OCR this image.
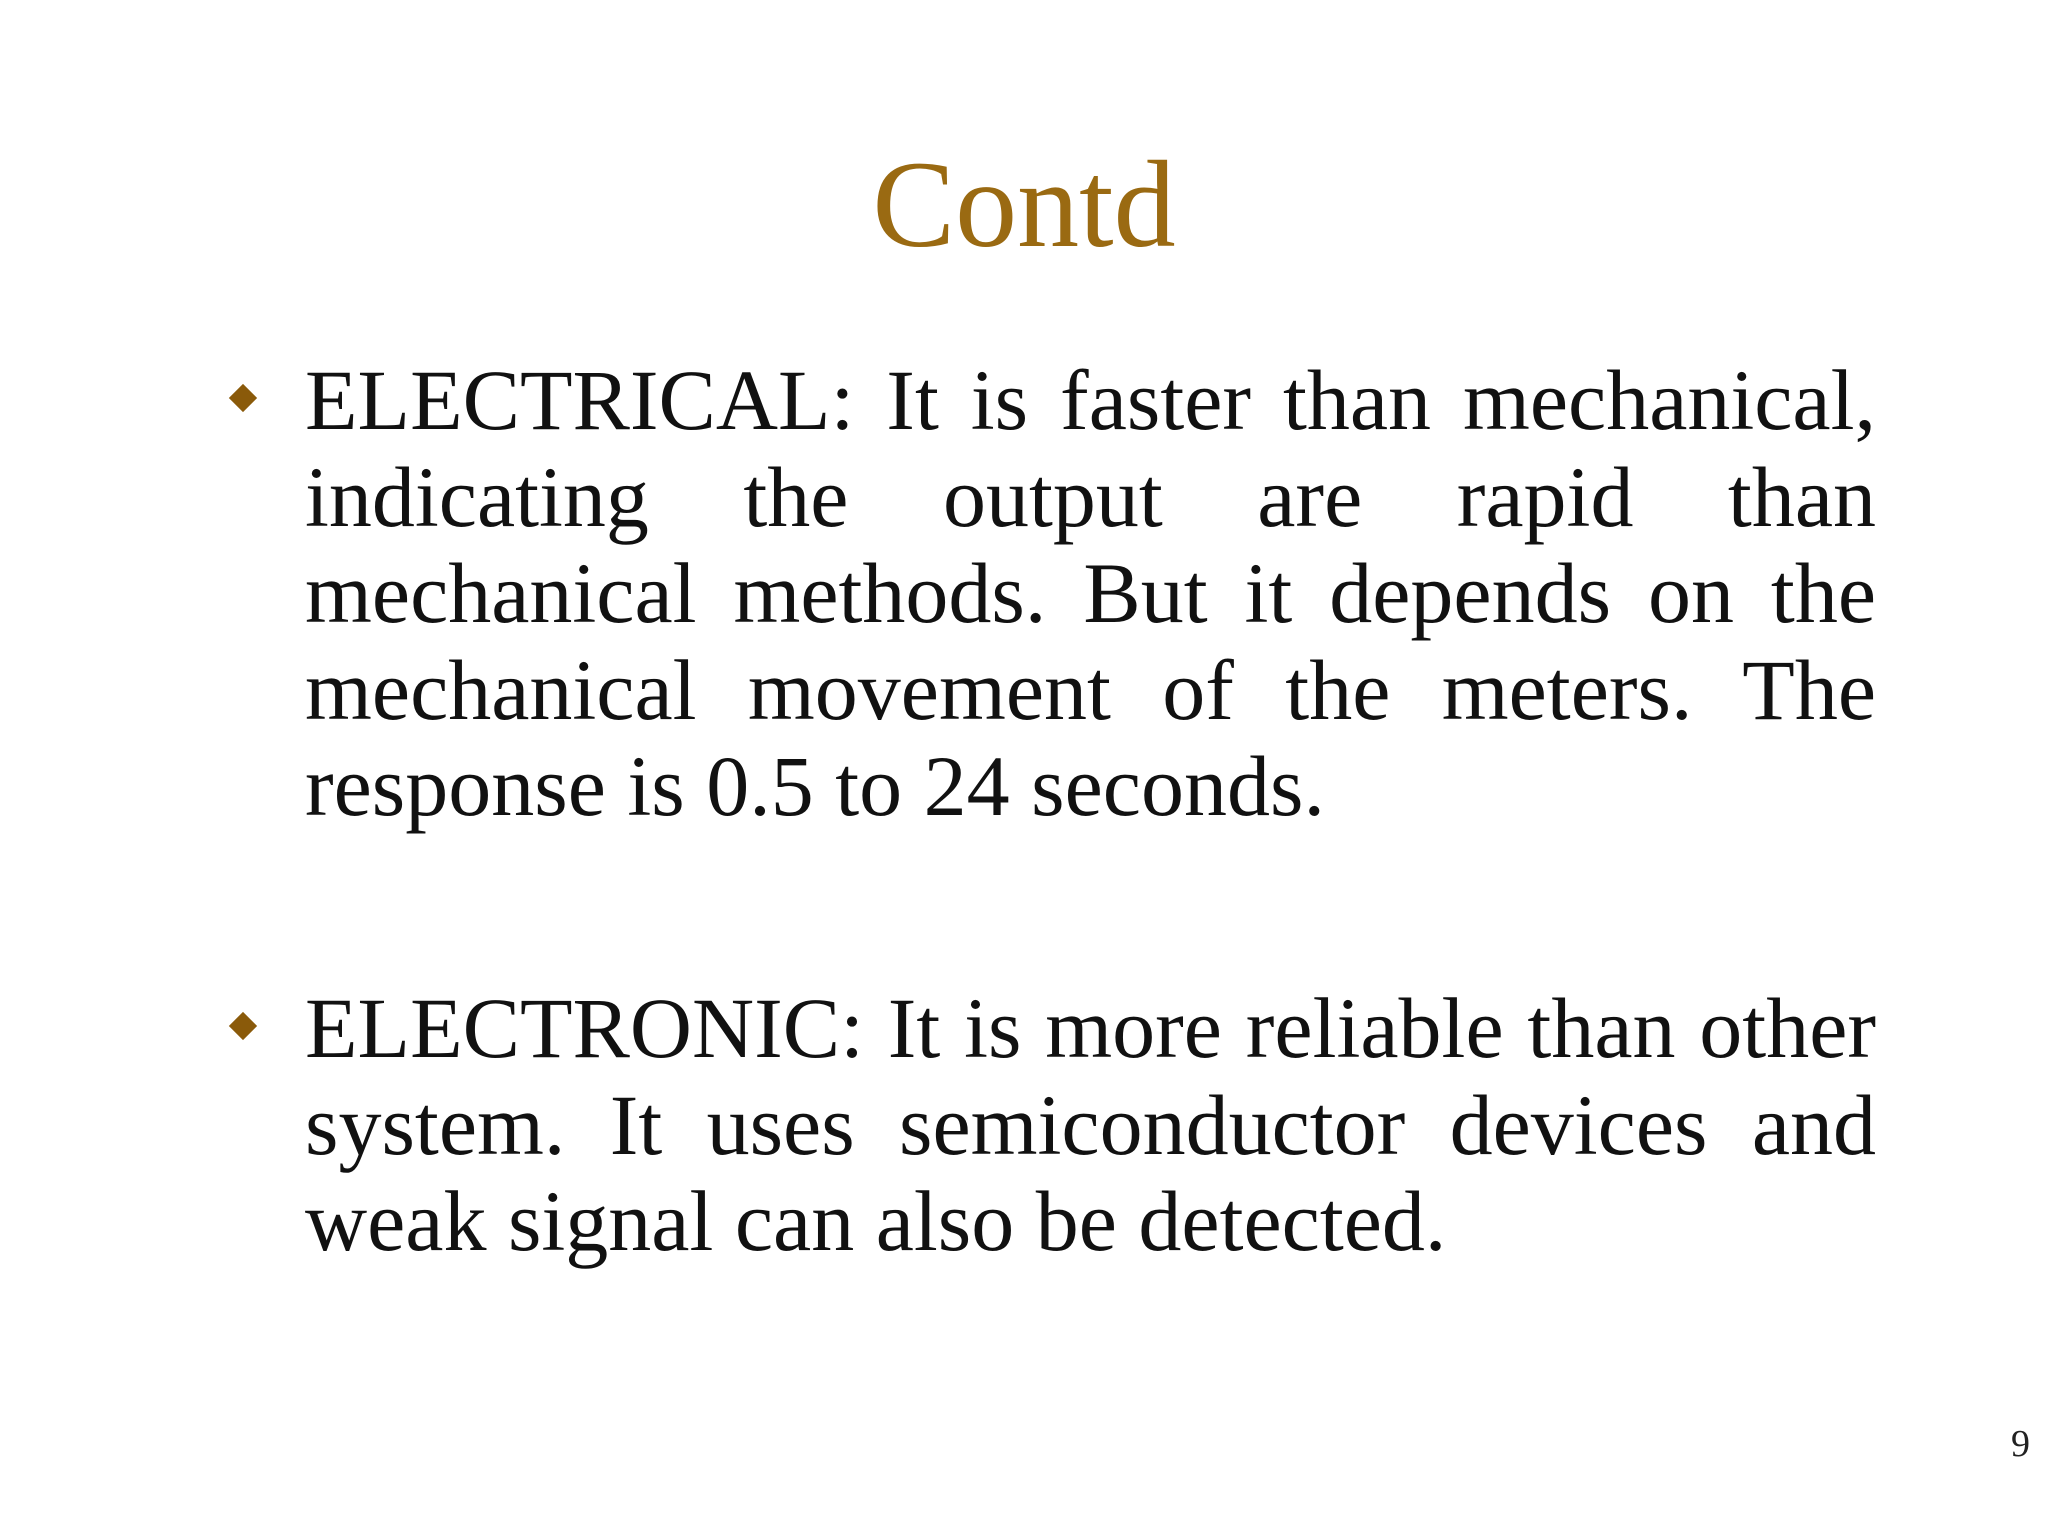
Contd

ELECTRICAL: It is faster than mechanical, indicating the output are rapid than mechanical methods. But it depends on the mechanical movement of the meters. The response is 0.5 to 24 seconds.

ELECTRONIC: It is more reliable than other system. It uses semiconductor devices and weak signal can also be detected.

9
